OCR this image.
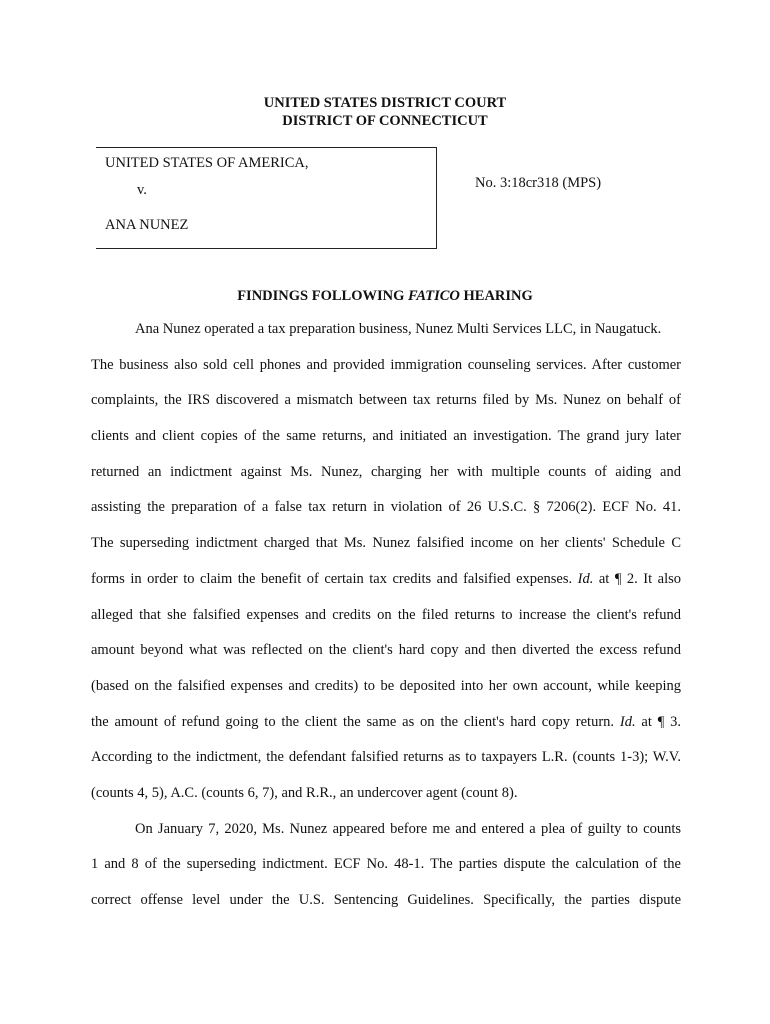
UNITED STATES DISTRICT COURT
DISTRICT OF CONNECTICUT
UNITED STATES OF AMERICA,
v.
ANA NUNEZ
No. 3:18cr318 (MPS)
FINDINGS FOLLOWING FATICO HEARING
Ana Nunez operated a tax preparation business, Nunez Multi Services LLC, in Naugatuck.
The business also sold cell phones and provided immigration counseling services. After customer
complaints, the IRS discovered a mismatch between tax returns filed by Ms. Nunez on behalf of
clients and client copies of the same returns, and initiated an investigation. The grand jury later
returned an indictment against Ms. Nunez, charging her with multiple counts of aiding and
assisting the preparation of a false tax return in violation of 26 U.S.C. § 7206(2). ECF No. 41.
The superseding indictment charged that Ms. Nunez falsified income on her clients' Schedule C
forms in order to claim the benefit of certain tax credits and falsified expenses. Id. at ¶ 2. It also
alleged that she falsified expenses and credits on the filed returns to increase the client's refund
amount beyond what was reflected on the client's hard copy and then diverted the excess refund
(based on the falsified expenses and credits) to be deposited into her own account, while keeping
the amount of refund going to the client the same as on the client's hard copy return. Id. at ¶ 3.
According to the indictment, the defendant falsified returns as to taxpayers L.R. (counts 1-3); W.V.
(counts 4, 5), A.C. (counts 6, 7), and R.R., an undercover agent (count 8).
On January 7, 2020, Ms. Nunez appeared before me and entered a plea of guilty to counts
1 and 8 of the superseding indictment. ECF No. 48-1. The parties dispute the calculation of the
correct offense level under the U.S. Sentencing Guidelines. Specifically, the parties dispute
